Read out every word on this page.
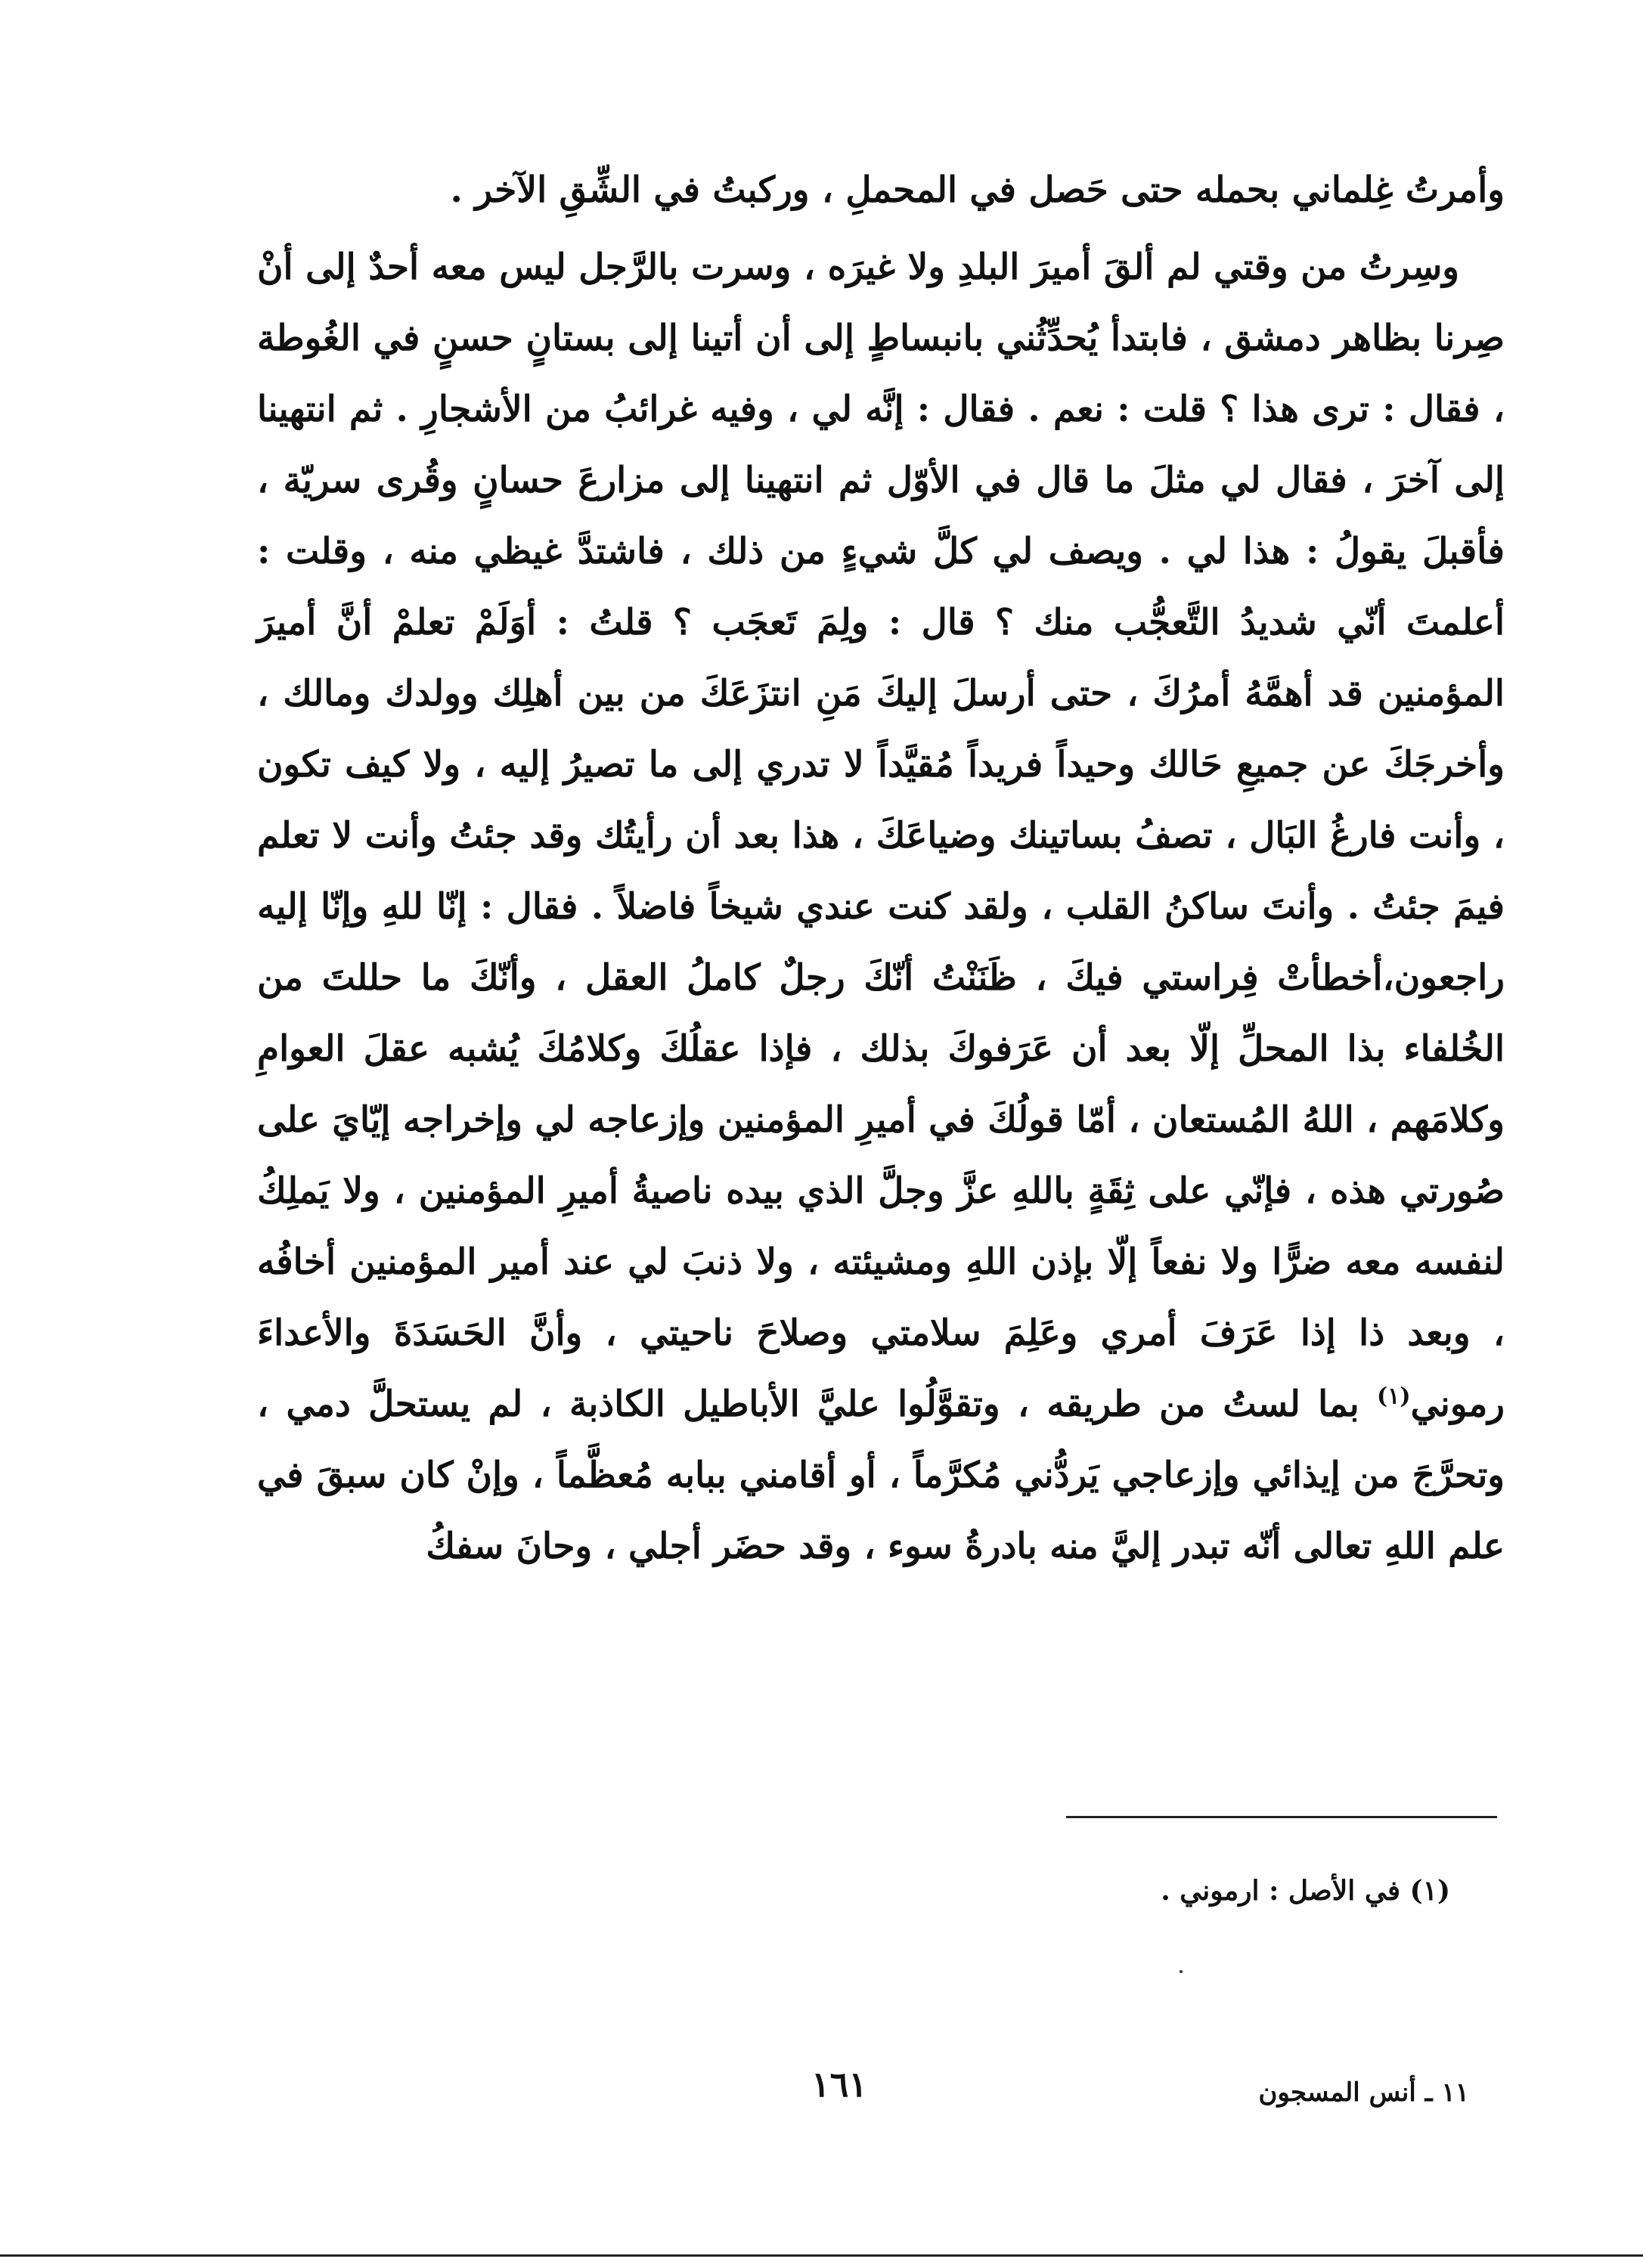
وأمرتُ غِلماني بحمله حتى حَصل في المحملِ ، وركبتُ في الشِّقِ الآخر .

وسِرتُ من وقتي لم ألقَ أميرَ البلدِ ولا غيرَه ، وسرت بالرَّجل ليس معه أحدٌ إلى أنْ صِرنا بظاهر دمشق ، فابتدأ يُحدِّثُني بانبساطٍ إلى أن أتينا إلى بستانٍ حسنٍ في الغُوطة ، فقال : ترى هذا ؟ قلت : نعم . فقال : إنَّه لي ، وفيه غرائبُ من الأشجارِ . ثم انتهينا إلى آخرَ ، فقال لي مثلَ ما قال في الأوّل ثم انتهينا إلى مزارعَ حسانٍ وقُرى سريّة ، فأقبلَ يقولُ : هذا لي . ويصف لي كلَّ شيءٍ من ذلك ، فاشتدَّ غيظي منه ، وقلت : أعلمتَ أنّي شديدُ التَّعجُّب منك ؟ قال : ولِمَ تَعجَب ؟ قلتُ : أوَلَمْ تعلمْ أنَّ أميرَ المؤمنين قد أهمَّهُ أمرُكَ ، حتى أرسلَ إليكَ مَنِ انتزَعَكَ من بين أهلِك وولدك ومالك ، وأخرجَكَ عن جميعِ حَالك وحيداً فريداً مُقيَّداً لا تدري إلى ما تصيرُ إليه ، ولا كيف تكون ، وأنت فارغُ البَال ، تصفُ بساتينك وضياعَكَ ، هذا بعد أن رأيتُك وقد جئتُ وأنت لا تعلم فيمَ جئتُ . وأنتَ ساكنُ القلب ، ولقد كنت عندي شيخاً فاضلاً . فقال : إنّا للهِ وإنّا إليه راجعون،أخطأتْ فِراستي فيكَ ، ظَنَنْتُ أنّكَ رجلٌ كاملُ العقل ، وأنّكَ ما حللتَ من الخُلفاء بذا المحلِّ إلّا بعد أن عَرَفوكَ بذلك ، فإذا عقلُكَ وكلامُكَ يُشبه عقلَ العوامِ وكلامَهم ، اللهُ المُستعان ، أمّا قولُكَ في أميرِ المؤمنين وإزعاجه لي وإخراجه إيّايَ على صُورتي هذه ، فإنّي على ثِقَةٍ باللهِ عزَّ وجلَّ الذي بيده ناصيةُ أميرِ المؤمنين ، ولا يَملِكُ لنفسه معه ضرًّا ولا نفعاً إلّا بإذن اللهِ ومشيئته ، ولا ذنبَ لي عند أمير المؤمنين أخافُه ، وبعد ذا إذا عَرَفَ أمري وعَلِمَ سلامتي وصلاحَ ناحيتي ، وأنَّ الحَسَدَةَ والأعداءَ رموني$^{(١)}$ بما لستُ من طريقه ، وتقوَّلُوا عليَّ الأباطيل الكاذبة ، لم يستحلَّ دمي ، وتحرَّجَ من إيذائي وإزعاجي يَردُّني مُكرَّماً ، أو أقامني ببابه مُعظَّماً ، وإنْ كان سبقَ في علم اللهِ تعالى أنّه تبدر إليَّ منه بادرةُ سوء ، وقد حضَر أجلي ، وحانَ سفكُ

(١) في الأصل : ارموني .
١٦١	١١ ـ أنس المسجون
